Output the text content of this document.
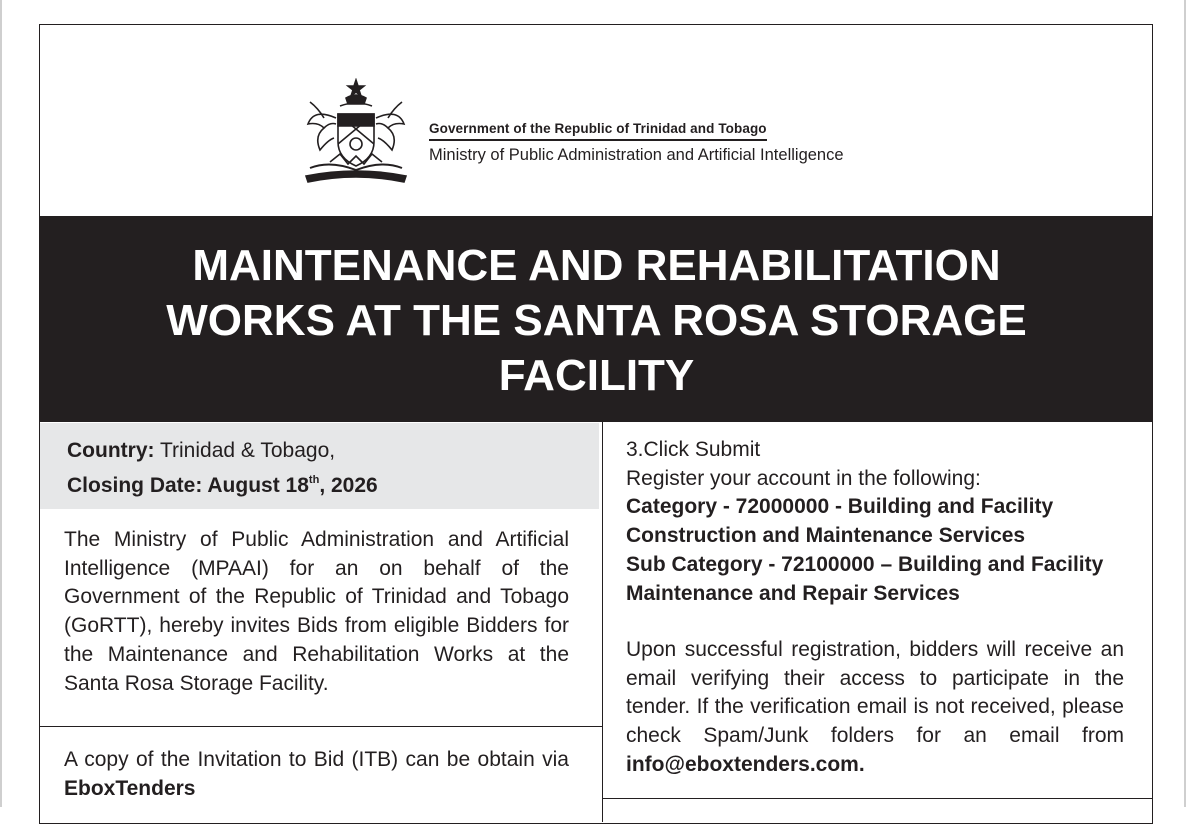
Government of the Republic of Trinidad and Tobago
Ministry of Public Administration and Artificial Intelligence
MAINTENANCE AND REHABILITATION
WORKS AT THE SANTA ROSA STORAGE
FACILITY
Country: Trinidad & Tobago,
Closing Date: August 18th, 2026
The Ministry of Public Administration and Artificial Intelligence (MPAAI) for an on behalf of the Government of the Republic of Trinidad and Tobago (GoRTT), hereby invites Bids from eligible Bidders for the Maintenance and Rehabilitation Works at the Santa Rosa Storage Facility.
A copy of the Invitation to Bid (ITB) can be obtain via EboxTenders
3.Click Submit
Register your account in the following:
Category - 72000000 - Building and Facility
Construction and Maintenance Services
Sub Category - 72100000 – Building and Facility
Maintenance and Repair Services
Upon successful registration, bidders will receive an email verifying their access to participate in the tender. If the verification email is not received, please check Spam/Junk folders for an email from info@eboxtenders.com.
